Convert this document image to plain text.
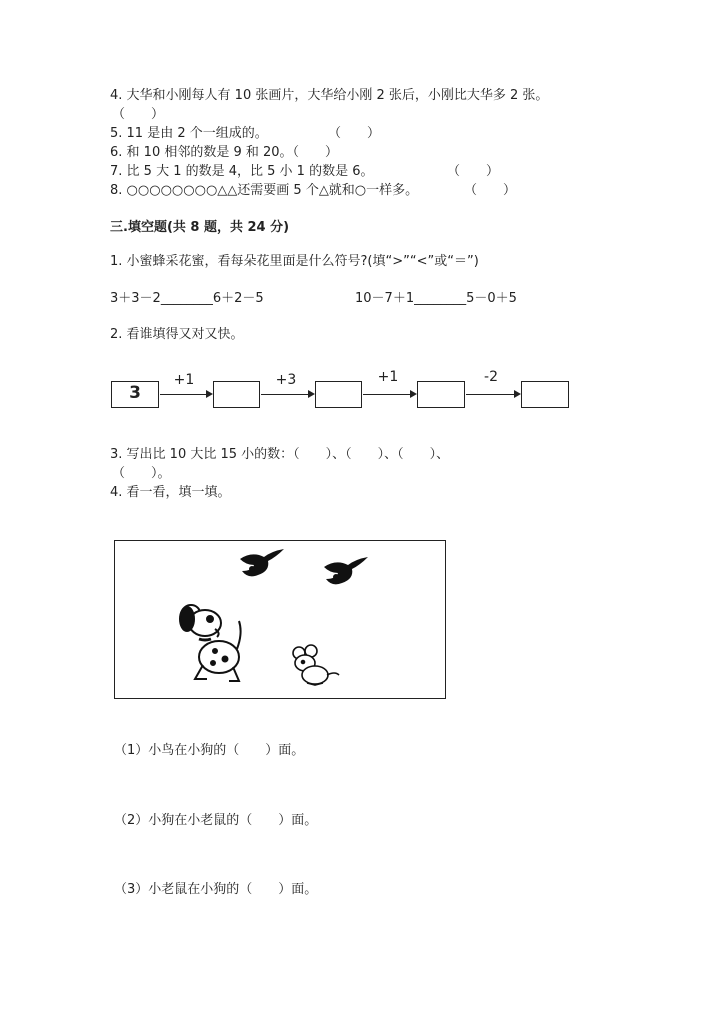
4. 大华和小刚每人有 10 张画片，大华给小刚 2 张后，小刚比大华多 2 张。
（　　）
5. 11 是由 2 个一组成的。	（　　）
6. 和 10 相邻的数是 9 和 20。（　　）
7. 比 5 大 1 的数是 4，比 5 小 1 的数是 6。	（　　）
8. ○○○○○○○○△△还需要画 5 个△就和○一样多。	（　　）
三.填空题(共 8 题，共 24 分)
1. 小蜜蜂采花蜜，看每朵花里面是什么符号?(填“>”“<”或“＝”)
3＋3－2________6＋2－5	10－7＋1________5－0＋5
2. 看谁填得又对又快。
3
+1	+3	+1	-2
3. 写出比 10 大比 15 小的数：（　　）、（　　）、（　　）、
（　　）。
4. 看一看，填一填。
（1）小鸟在小狗的（　　）面。
（2）小狗在小老鼠的（　　）面。
（3）小老鼠在小狗的（　　）面。
